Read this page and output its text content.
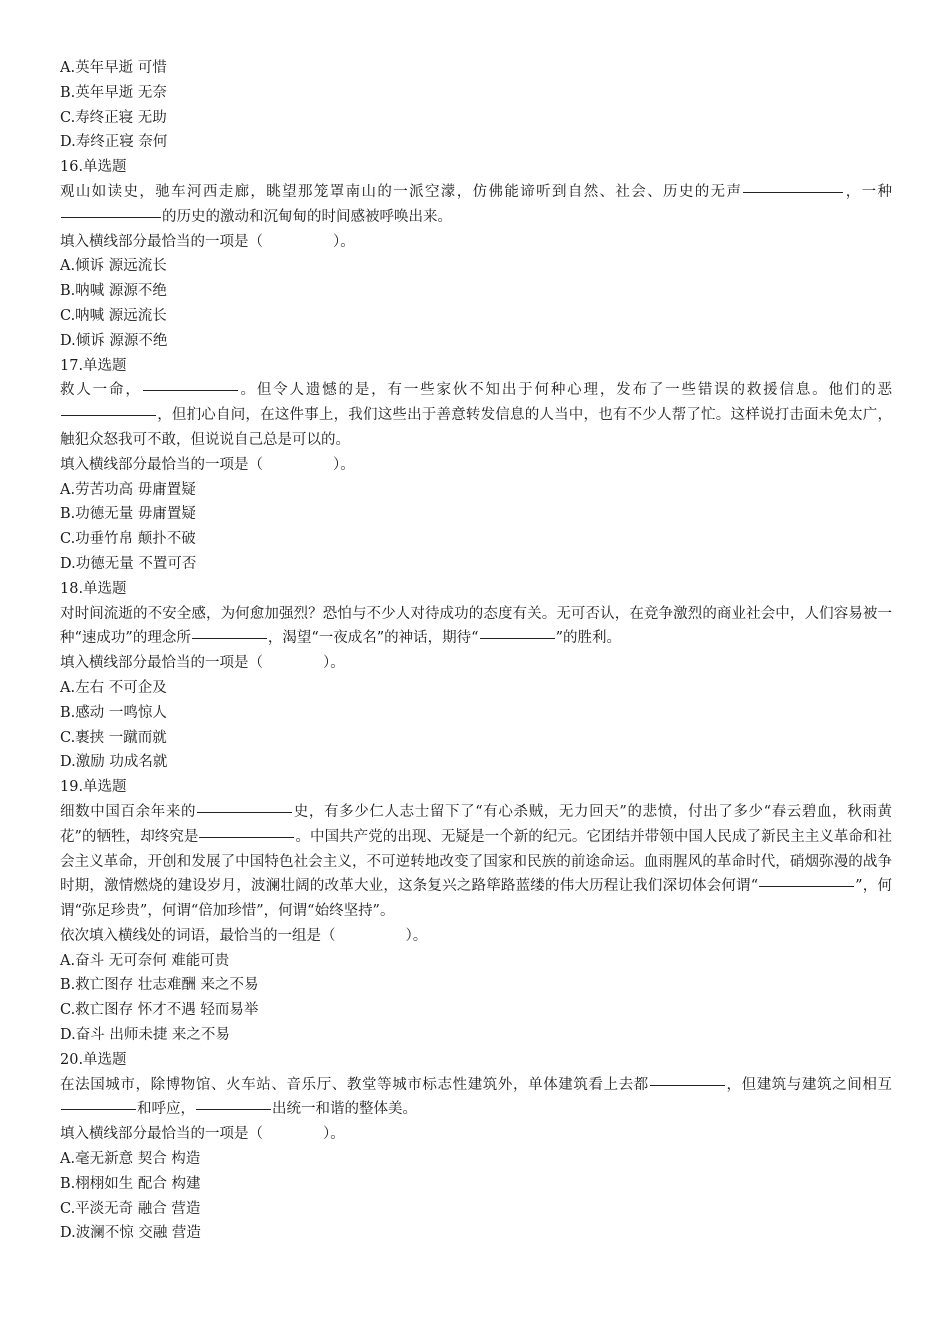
A.英年早逝 可惜
B.英年早逝 无奈
C.寿终正寝 无助
D.寿终正寝 奈何
16.单选题
观山如读史，驰车河西走廊，眺望那笼罩南山的一派空濛，仿佛能谛听到自然、社会、历史的无声	，一种的历史的激动和沉甸甸的时间感被呼唤出来。
填入横线部分最恰当的一项是（	）。
A.倾诉 源远流长
B.呐喊 源源不绝
C.呐喊 源远流长
D.倾诉 源源不绝
17.单选题
救人一命，	。但令人遗憾的是，有一些家伙不知出于何种心理，发布了一些错误的救援信息。他们的恶，但扪心自问，在这件事上，我们这些出于善意转发信息的人当中，也有不少人帮了忙。这样说打击面未免太广，触犯众怒我可不敢，但说说自己总是可以的。
填入横线部分最恰当的一项是（	）。
A.劳苦功高 毋庸置疑
B.功德无量 毋庸置疑
C.功垂竹帛 颠扑不破
D.功德无量 不置可否
18.单选题
对时间流逝的不安全感，为何愈加强烈？恐怕与不少人对待成功的态度有关。无可否认，在竞争激烈的商业社会中，人们容易被一种“速成功”的理念所	，渴望“一夜成名”的神话，期待“	”的胜利。
填入横线部分最恰当的一项是（	）。
A.左右 不可企及
B.感动 一鸣惊人
C.裹挟 一蹴而就
D.激励 功成名就
19.单选题
细数中国百余年来的	史，有多少仁人志士留下了“有心杀贼，无力回天”的悲愤，付出了多少“春云碧血，秋雨黄花”的牺牲，却终究是	。中国共产党的出现、无疑是一个新的纪元。它团结并带领中国人民成了新民主主义革命和社会主义革命，开创和发展了中国特色社会主义，不可逆转地改变了国家和民族的前途命运。血雨腥风的革命时代，硝烟弥漫的战争时期，激情燃烧的建设岁月，波澜壮阔的改革大业，这条复兴之路筚路蓝缕的伟大历程让我们深切体会何谓“	”，何谓“弥足珍贵”，何谓“倍加珍惜”，何谓“始终坚持”。
依次填入横线处的词语，最恰当的一组是（	）。
A.奋斗 无可奈何 难能可贵
B.救亡图存 壮志难酬 来之不易
C.救亡图存 怀才不遇 轻而易举
D.奋斗 出师未捷 来之不易
20.单选题
在法国城市，除博物馆、火车站、音乐厅、教堂等城市标志性建筑外，单体建筑看上去都	，但建筑与建筑之间相互和呼应，	出统一和谐的整体美。
填入横线部分最恰当的一项是（	）。
A.毫无新意 契合 构造
B.栩栩如生 配合 构建
C.平淡无奇 融合 营造
D.波澜不惊 交融 营造
